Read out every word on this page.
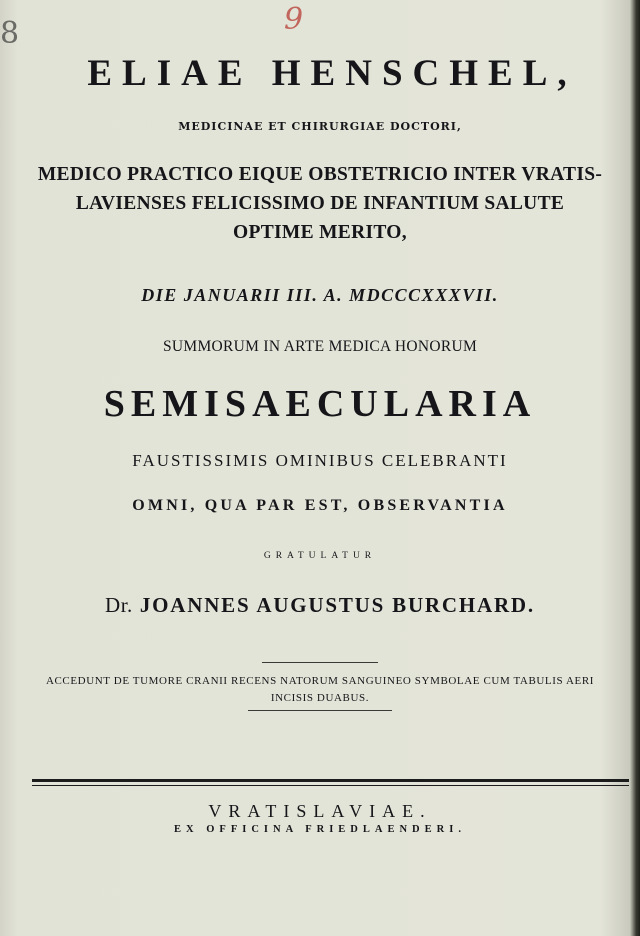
8	9
ELIAE HENSCHEL,

MEDICINAE ET CHIRURGIAE DOCTORI,

MEDICO PRACTICO EIQUE OBSTETRICIO INTER VRATIS-
LAVIENSES FELICISSIMO DE INFANTIUM SALUTE
OPTIME MERITO,

DIE JANUARII III. A. MDCCCXXXVII.

SUMMORUM IN ARTE MEDICA HONORUM

SEMISAECULARIA

FAUSTISSIMIS OMINIBUS CELEBRANTI

OMNI, QUA PAR EST, OBSERVANTIA

GRATULATUR

Dr. JOANNES AUGUSTUS BURCHARD.

ACCEDUNT DE TUMORE CRANII RECENS NATORUM SANGUINEO SYMBOLAE CUM TABULIS AERI
INCISIS DUABUS.

VRATISLAVIAE.

EX OFFICINA FRIEDLAENDERI.
